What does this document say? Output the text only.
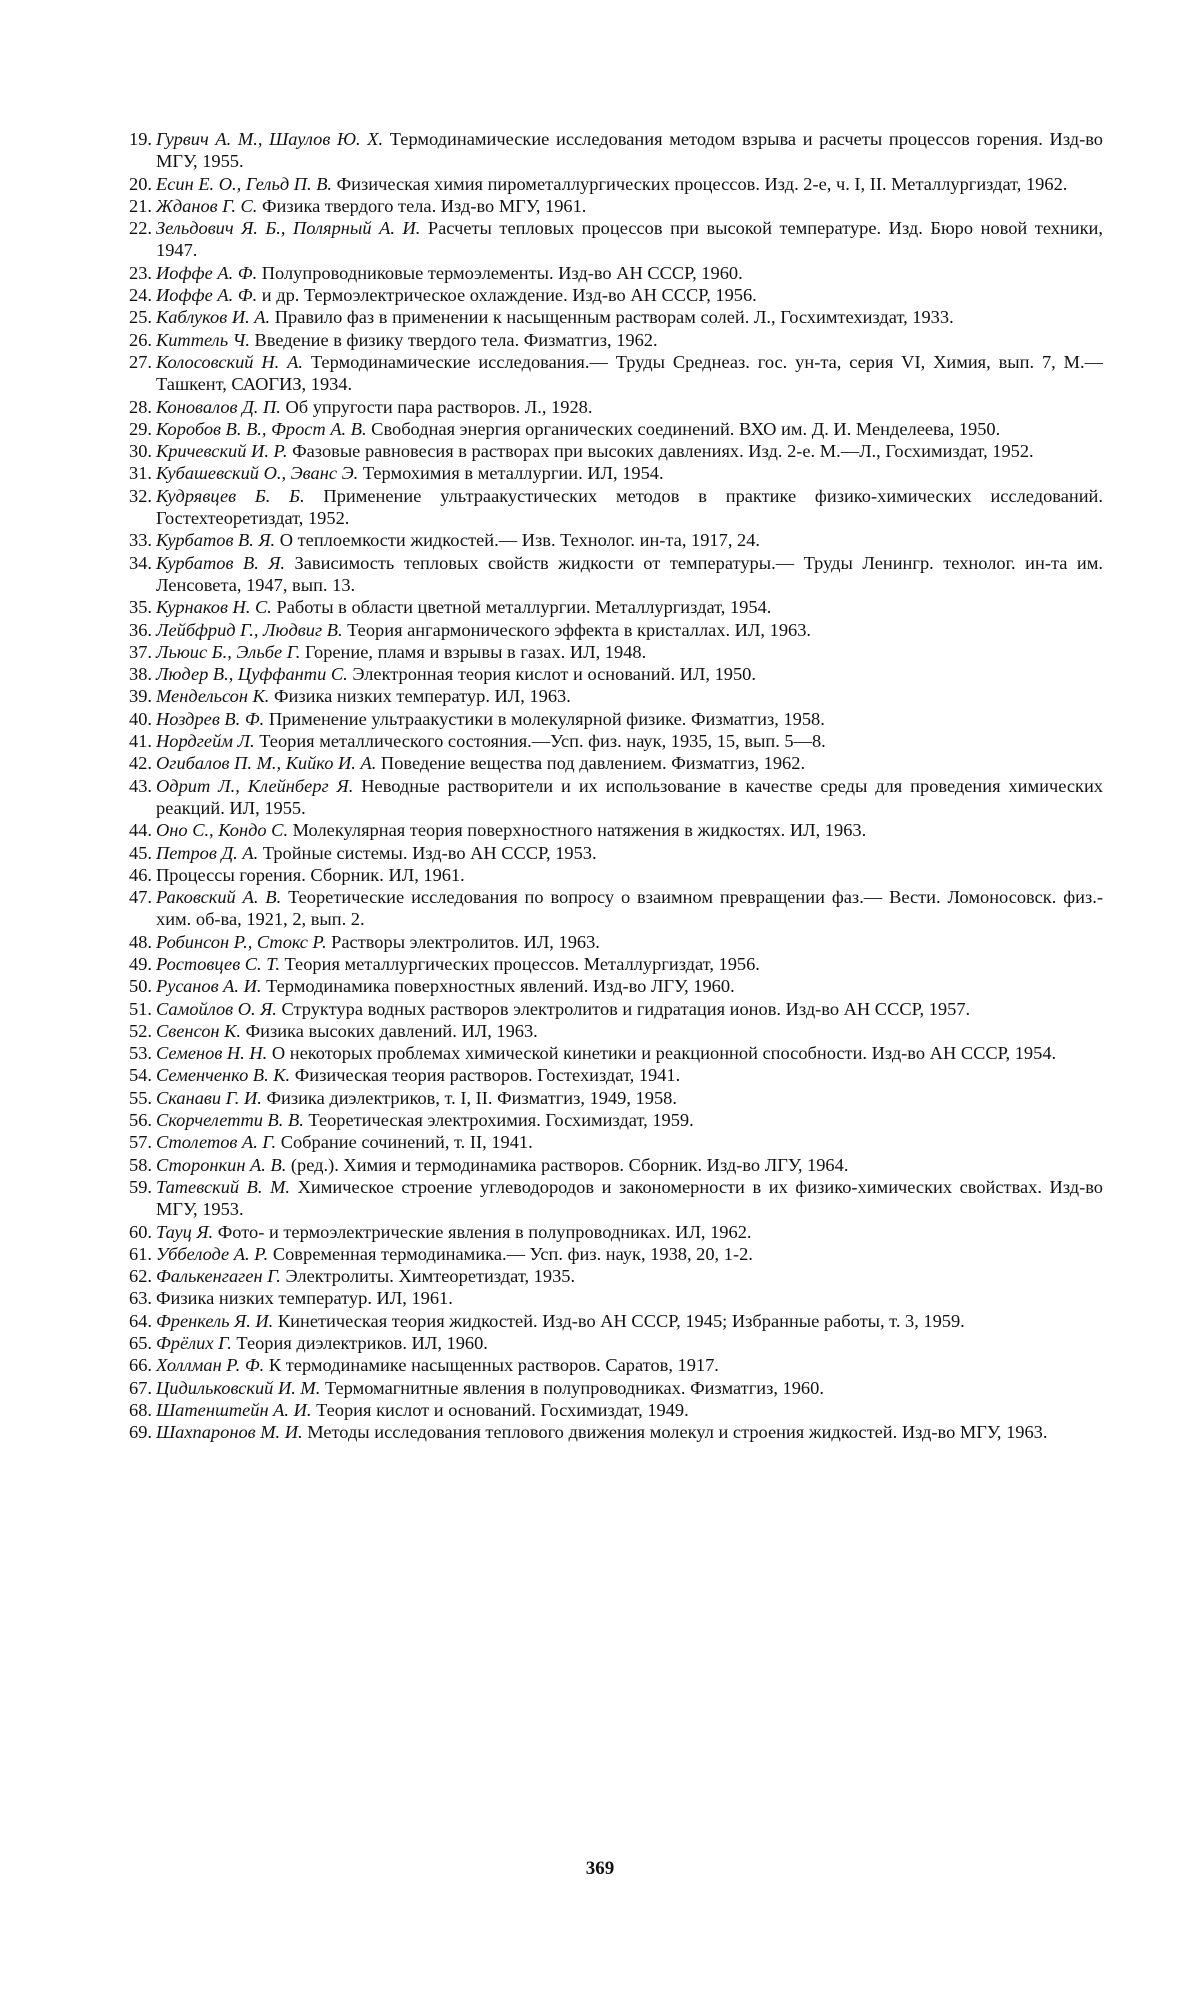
19. Гурвич А. М., Шаулов Ю. Х. Термодинамические исследования методом взрыва и расчеты процессов горения. Изд-во МГУ, 1955.
20. Есин Е. О., Гельд П. В. Физическая химия пирометаллургических процессов. Изд. 2-е, ч. I, II. Металлургиздат, 1962.
21. Жданов Г. С. Физика твердого тела. Изд-во МГУ, 1961.
22. Зельдович Я. Б., Полярный А. И. Расчеты тепловых процессов при высокой температуре. Изд. Бюро новой техники, 1947.
23. Иоффе А. Ф. Полупроводниковые термоэлементы. Изд-во АН СССР, 1960.
24. Иоффе А. Ф. и др. Термоэлектрическое охлаждение. Изд-во АН СССР, 1956.
25. Каблуков И. А. Правило фаз в применении к насыщенным растворам солей. Л., Госхимтехиздат, 1933.
26. Киттель Ч. Введение в физику твердого тела. Физматгиз, 1962.
27. Колосовский Н. А. Термодинамические исследования.— Труды Среднеаз. гос. ун-та, серия VI, Химия, вып. 7, М.— Ташкент, САОГИЗ, 1934.
28. Коновалов Д. П. Об упругости пара растворов. Л., 1928.
29. Коробов В. В., Фрост А. В. Свободная энергия органических соединений. ВХО им. Д. И. Менделеева, 1950.
30. Кричевский И. Р. Фазовые равновесия в растворах при высоких давлениях. Изд. 2-е. М.—Л., Госхимиздат, 1952.
31. Кубашевский О., Эванс Э. Термохимия в металлургии. ИЛ, 1954.
32. Кудрявцев Б. Б. Применение ультраакустических методов в практике физико-химических исследований. Гостехтеоретиздат, 1952.
33. Курбатов В. Я. О теплоемкости жидкостей.— Изв. Технолог. ин-та, 1917, 24.
34. Курбатов В. Я. Зависимость тепловых свойств жидкости от температуры.— Труды Ленингр. технолог. ин-та им. Ленсовета, 1947, вып. 13.
35. Курнаков Н. С. Работы в области цветной металлургии. Металлургиздат, 1954.
36. Лейбфрид Г., Людвиг В. Теория ангармонического эффекта в кристаллах. ИЛ, 1963.
37. Льюис Б., Эльбе Г. Горение, пламя и взрывы в газах. ИЛ, 1948.
38. Людер В., Цуффанти С. Электронная теория кислот и оснований. ИЛ, 1950.
39. Мендельсон К. Физика низких температур. ИЛ, 1963.
40. Ноздрев В. Ф. Применение ультраакустики в молекулярной физике. Физматгиз, 1958.
41. Нордгейм Л. Теория металлического состояния.—Усп. физ. наук, 1935, 15, вып. 5—8.
42. Огибалов П. М., Кийко И. А. Поведение вещества под давлением. Физматгиз, 1962.
43. Одрит Л., Клейнберг Я. Неводные растворители и их использование в качестве среды для проведения химических реакций. ИЛ, 1955.
44. Оно С., Кондо С. Молекулярная теория поверхностного натяжения в жидкостях. ИЛ, 1963.
45. Петров Д. А. Тройные системы. Изд-во АН СССР, 1953.
46. Процессы горения. Сборник. ИЛ, 1961.
47. Раковский А. В. Теоретические исследования по вопросу о взаимном превращении фаз.— Вести. Ломоносовск. физ.-хим. об-ва, 1921, 2, вып. 2.
48. Робинсон Р., Стокс Р. Растворы электролитов. ИЛ, 1963.
49. Ростовцев С. Т. Теория металлургических процессов. Металлургиздат, 1956.
50. Русанов А. И. Термодинамика поверхностных явлений. Изд-во ЛГУ, 1960.
51. Самойлов О. Я. Структура водных растворов электролитов и гидратация ионов. Изд-во АН СССР, 1957.
52. Свенсон К. Физика высоких давлений. ИЛ, 1963.
53. Семенов Н. Н. О некоторых проблемах химической кинетики и реакционной способности. Изд-во АН СССР, 1954.
54. Семенченко В. К. Физическая теория растворов. Гостехиздат, 1941.
55. Сканави Г. И. Физика диэлектриков, т. I, II. Физматгиз, 1949, 1958.
56. Скорчелетти В. В. Теоретическая электрохимия. Госхимиздат, 1959.
57. Столетов А. Г. Собрание сочинений, т. II, 1941.
58. Сторонкин А. В. (ред.). Химия и термодинамика растворов. Сборник. Изд-во ЛГУ, 1964.
59. Татевский В. М. Химическое строение углеводородов и закономерности в их физико-химических свойствах. Изд-во МГУ, 1953.
60. Тауц Я. Фото- и термоэлектрические явления в полупроводниках. ИЛ, 1962.
61. Уббелоде А. Р. Современная термодинамика.— Усп. физ. наук, 1938, 20, 1-2.
62. Фалькенгаген Г. Электролиты. Химтеоретиздат, 1935.
63. Физика низких температур. ИЛ, 1961.
64. Френкель Я. И. Кинетическая теория жидкостей. Изд-во АН СССР, 1945; Избранные работы, т. 3, 1959.
65. Фрёлих Г. Теория диэлектриков. ИЛ, 1960.
66. Холлман Р. Ф. К термодинамике насыщенных растворов. Саратов, 1917.
67. Цидильковский И. М. Термомагнитные явления в полупроводниках. Физматгиз, 1960.
68. Шатенштейн А. И. Теория кислот и оснований. Госхимиздат, 1949.
69. Шахпаронов М. И. Методы исследования теплового движения молекул и строения жидкостей. Изд-во МГУ, 1963.
369
